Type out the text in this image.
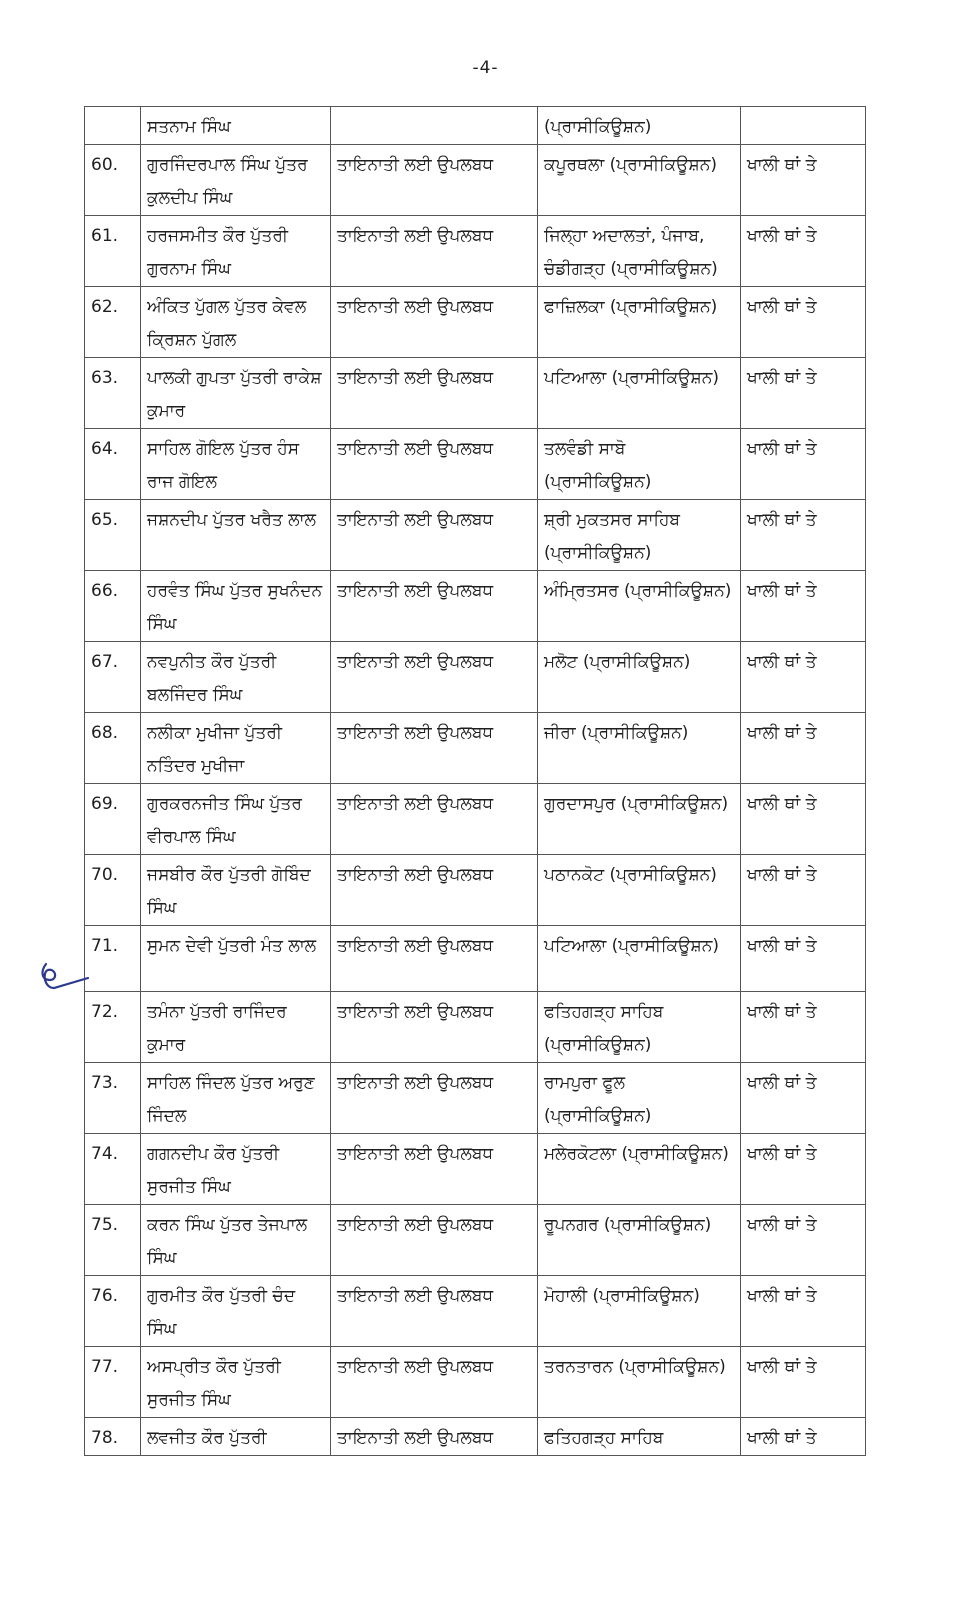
-4-
	ਸਤਨਾਮ ਸਿੰਘ		(ਪ੍ਰਾਸੀਕਿਊਸ਼ਨ)	
60.	ਗੁਰਜਿੰਦਰਪਾਲ ਸਿੰਘ ਪੁੱਤਰ ਕੁਲਦੀਪ ਸਿੰਘ	ਤਾਇਨਾਤੀ ਲਈ ਉਪਲਬਧ	ਕਪੂਰਥਲਾ (ਪ੍ਰਾਸੀਕਿਊਸ਼ਨ)	ਖਾਲੀ ਥਾਂ ਤੇ
61.	ਹਰਜਸਮੀਤ ਕੌਰ ਪੁੱਤਰੀ ਗੁਰਨਾਮ ਸਿੰਘ	ਤਾਇਨਾਤੀ ਲਈ ਉਪਲਬਧ	ਜਿਲ੍ਹਾ ਅਦਾਲਤਾਂ, ਪੰਜਾਬ, ਚੰਡੀਗੜ੍ਹ (ਪ੍ਰਾਸੀਕਿਊਸ਼ਨ)	ਖਾਲੀ ਥਾਂ ਤੇ
62.	ਅੰਕਿਤ ਪੁੱਗਲ ਪੁੱਤਰ ਕੇਵਲ ਕ੍ਰਿਸ਼ਨ ਪੁੱਗਲ	ਤਾਇਨਾਤੀ ਲਈ ਉਪਲਬਧ	ਫਾਜ਼ਿਲਕਾ (ਪ੍ਰਾਸੀਕਿਊਸ਼ਨ)	ਖਾਲੀ ਥਾਂ ਤੇ
63.	ਪਾਲਕੀ ਗੁਪਤਾ ਪੁੱਤਰੀ ਰਾਕੇਸ਼ ਕੁਮਾਰ	ਤਾਇਨਾਤੀ ਲਈ ਉਪਲਬਧ	ਪਟਿਆਲਾ (ਪ੍ਰਾਸੀਕਿਊਸ਼ਨ)	ਖਾਲੀ ਥਾਂ ਤੇ
64.	ਸਾਹਿਲ ਗੋਇਲ ਪੁੱਤਰ ਹੰਸ ਰਾਜ ਗੋਇਲ	ਤਾਇਨਾਤੀ ਲਈ ਉਪਲਬਧ	ਤਲਵੰਡੀ ਸਾਬੋ (ਪ੍ਰਾਸੀਕਿਊਸ਼ਨ)	ਖਾਲੀ ਥਾਂ ਤੇ
65.	ਜਸ਼ਨਦੀਪ ਪੁੱਤਰ ਖਰੈਤ ਲਾਲ	ਤਾਇਨਾਤੀ ਲਈ ਉਪਲਬਧ	ਸ਼੍ਰੀ ਮੁਕਤਸਰ ਸਾਹਿਬ (ਪ੍ਰਾਸੀਕਿਊਸ਼ਨ)	ਖਾਲੀ ਥਾਂ ਤੇ
66.	ਹਰਵੰਤ ਸਿੰਘ ਪੁੱਤਰ ਸੁਖਨੰਦਨ ਸਿੰਘ	ਤਾਇਨਾਤੀ ਲਈ ਉਪਲਬਧ	ਅੰਮ੍ਰਿਤਸਰ (ਪ੍ਰਾਸੀਕਿਊਸ਼ਨ)	ਖਾਲੀ ਥਾਂ ਤੇ
67.	ਨਵਪੁਨੀਤ ਕੌਰ ਪੁੱਤਰੀ ਬਲਜਿੰਦਰ ਸਿੰਘ	ਤਾਇਨਾਤੀ ਲਈ ਉਪਲਬਧ	ਮਲੋਟ (ਪ੍ਰਾਸੀਕਿਊਸ਼ਨ)	ਖਾਲੀ ਥਾਂ ਤੇ
68.	ਨਲੀਕਾ ਮੁਖੀਜਾ ਪੁੱਤਰੀ ਨਤਿੰਦਰ ਮੁਖੀਜਾ	ਤਾਇਨਾਤੀ ਲਈ ਉਪਲਬਧ	ਜੀਰਾ (ਪ੍ਰਾਸੀਕਿਊਸ਼ਨ)	ਖਾਲੀ ਥਾਂ ਤੇ
69.	ਗੁਰਕਰਨਜੀਤ ਸਿੰਘ ਪੁੱਤਰ ਵੀਰਪਾਲ ਸਿੰਘ	ਤਾਇਨਾਤੀ ਲਈ ਉਪਲਬਧ	ਗੁਰਦਾਸਪੁਰ (ਪ੍ਰਾਸੀਕਿਊਸ਼ਨ)	ਖਾਲੀ ਥਾਂ ਤੇ
70.	ਜਸਬੀਰ ਕੌਰ ਪੁੱਤਰੀ ਗੋਬਿੰਦ ਸਿੰਘ	ਤਾਇਨਾਤੀ ਲਈ ਉਪਲਬਧ	ਪਠਾਨਕੋਟ (ਪ੍ਰਾਸੀਕਿਊਸ਼ਨ)	ਖਾਲੀ ਥਾਂ ਤੇ
71.	ਸੁਮਨ ਦੇਵੀ ਪੁੱਤਰੀ ਮੰਤ ਲਾਲ	ਤਾਇਨਾਤੀ ਲਈ ਉਪਲਬਧ	ਪਟਿਆਲਾ (ਪ੍ਰਾਸੀਕਿਊਸ਼ਨ)	ਖਾਲੀ ਥਾਂ ਤੇ
72.	ਤਮੰਨਾ ਪੁੱਤਰੀ ਰਾਜਿੰਦਰ ਕੁਮਾਰ	ਤਾਇਨਾਤੀ ਲਈ ਉਪਲਬਧ	ਫਤਿਹਗੜ੍ਹ ਸਾਹਿਬ (ਪ੍ਰਾਸੀਕਿਊਸ਼ਨ)	ਖਾਲੀ ਥਾਂ ਤੇ
73.	ਸਾਹਿਲ ਜਿੰਦਲ ਪੁੱਤਰ ਅਰੁਣ ਜਿੰਦਲ	ਤਾਇਨਾਤੀ ਲਈ ਉਪਲਬਧ	ਰਾਮਪੁਰਾ ਫੂਲ (ਪ੍ਰਾਸੀਕਿਊਸ਼ਨ)	ਖਾਲੀ ਥਾਂ ਤੇ
74.	ਗਗਨਦੀਪ ਕੌਰ ਪੁੱਤਰੀ ਸੁਰਜੀਤ ਸਿੰਘ	ਤਾਇਨਾਤੀ ਲਈ ਉਪਲਬਧ	ਮਲੇਰਕੋਟਲਾ (ਪ੍ਰਾਸੀਕਿਊਸ਼ਨ)	ਖਾਲੀ ਥਾਂ ਤੇ
75.	ਕਰਨ ਸਿੰਘ ਪੁੱਤਰ ਤੇਜਪਾਲ ਸਿੰਘ	ਤਾਇਨਾਤੀ ਲਈ ਉਪਲਬਧ	ਰੂਪਨਗਰ (ਪ੍ਰਾਸੀਕਿਊਸ਼ਨ)	ਖਾਲੀ ਥਾਂ ਤੇ
76.	ਗੁਰਮੀਤ ਕੌਰ ਪੁੱਤਰੀ ਚੰਦ ਸਿੰਘ	ਤਾਇਨਾਤੀ ਲਈ ਉਪਲਬਧ	ਮੋਹਾਲੀ (ਪ੍ਰਾਸੀਕਿਊਸ਼ਨ)	ਖਾਲੀ ਥਾਂ ਤੇ
77.	ਅਸਪ੍ਰੀਤ ਕੌਰ ਪੁੱਤਰੀ ਸੁਰਜੀਤ ਸਿੰਘ	ਤਾਇਨਾਤੀ ਲਈ ਉਪਲਬਧ	ਤਰਨਤਾਰਨ (ਪ੍ਰਾਸੀਕਿਊਸ਼ਨ)	ਖਾਲੀ ਥਾਂ ਤੇ
78.	ਲਵਜੀਤ ਕੌਰ ਪੁੱਤਰੀ	ਤਾਇਨਾਤੀ ਲਈ ਉਪਲਬਧ	ਫਤਿਹਗੜ੍ਹ ਸਾਹਿਬ	ਖਾਲੀ ਥਾਂ ਤੇ
